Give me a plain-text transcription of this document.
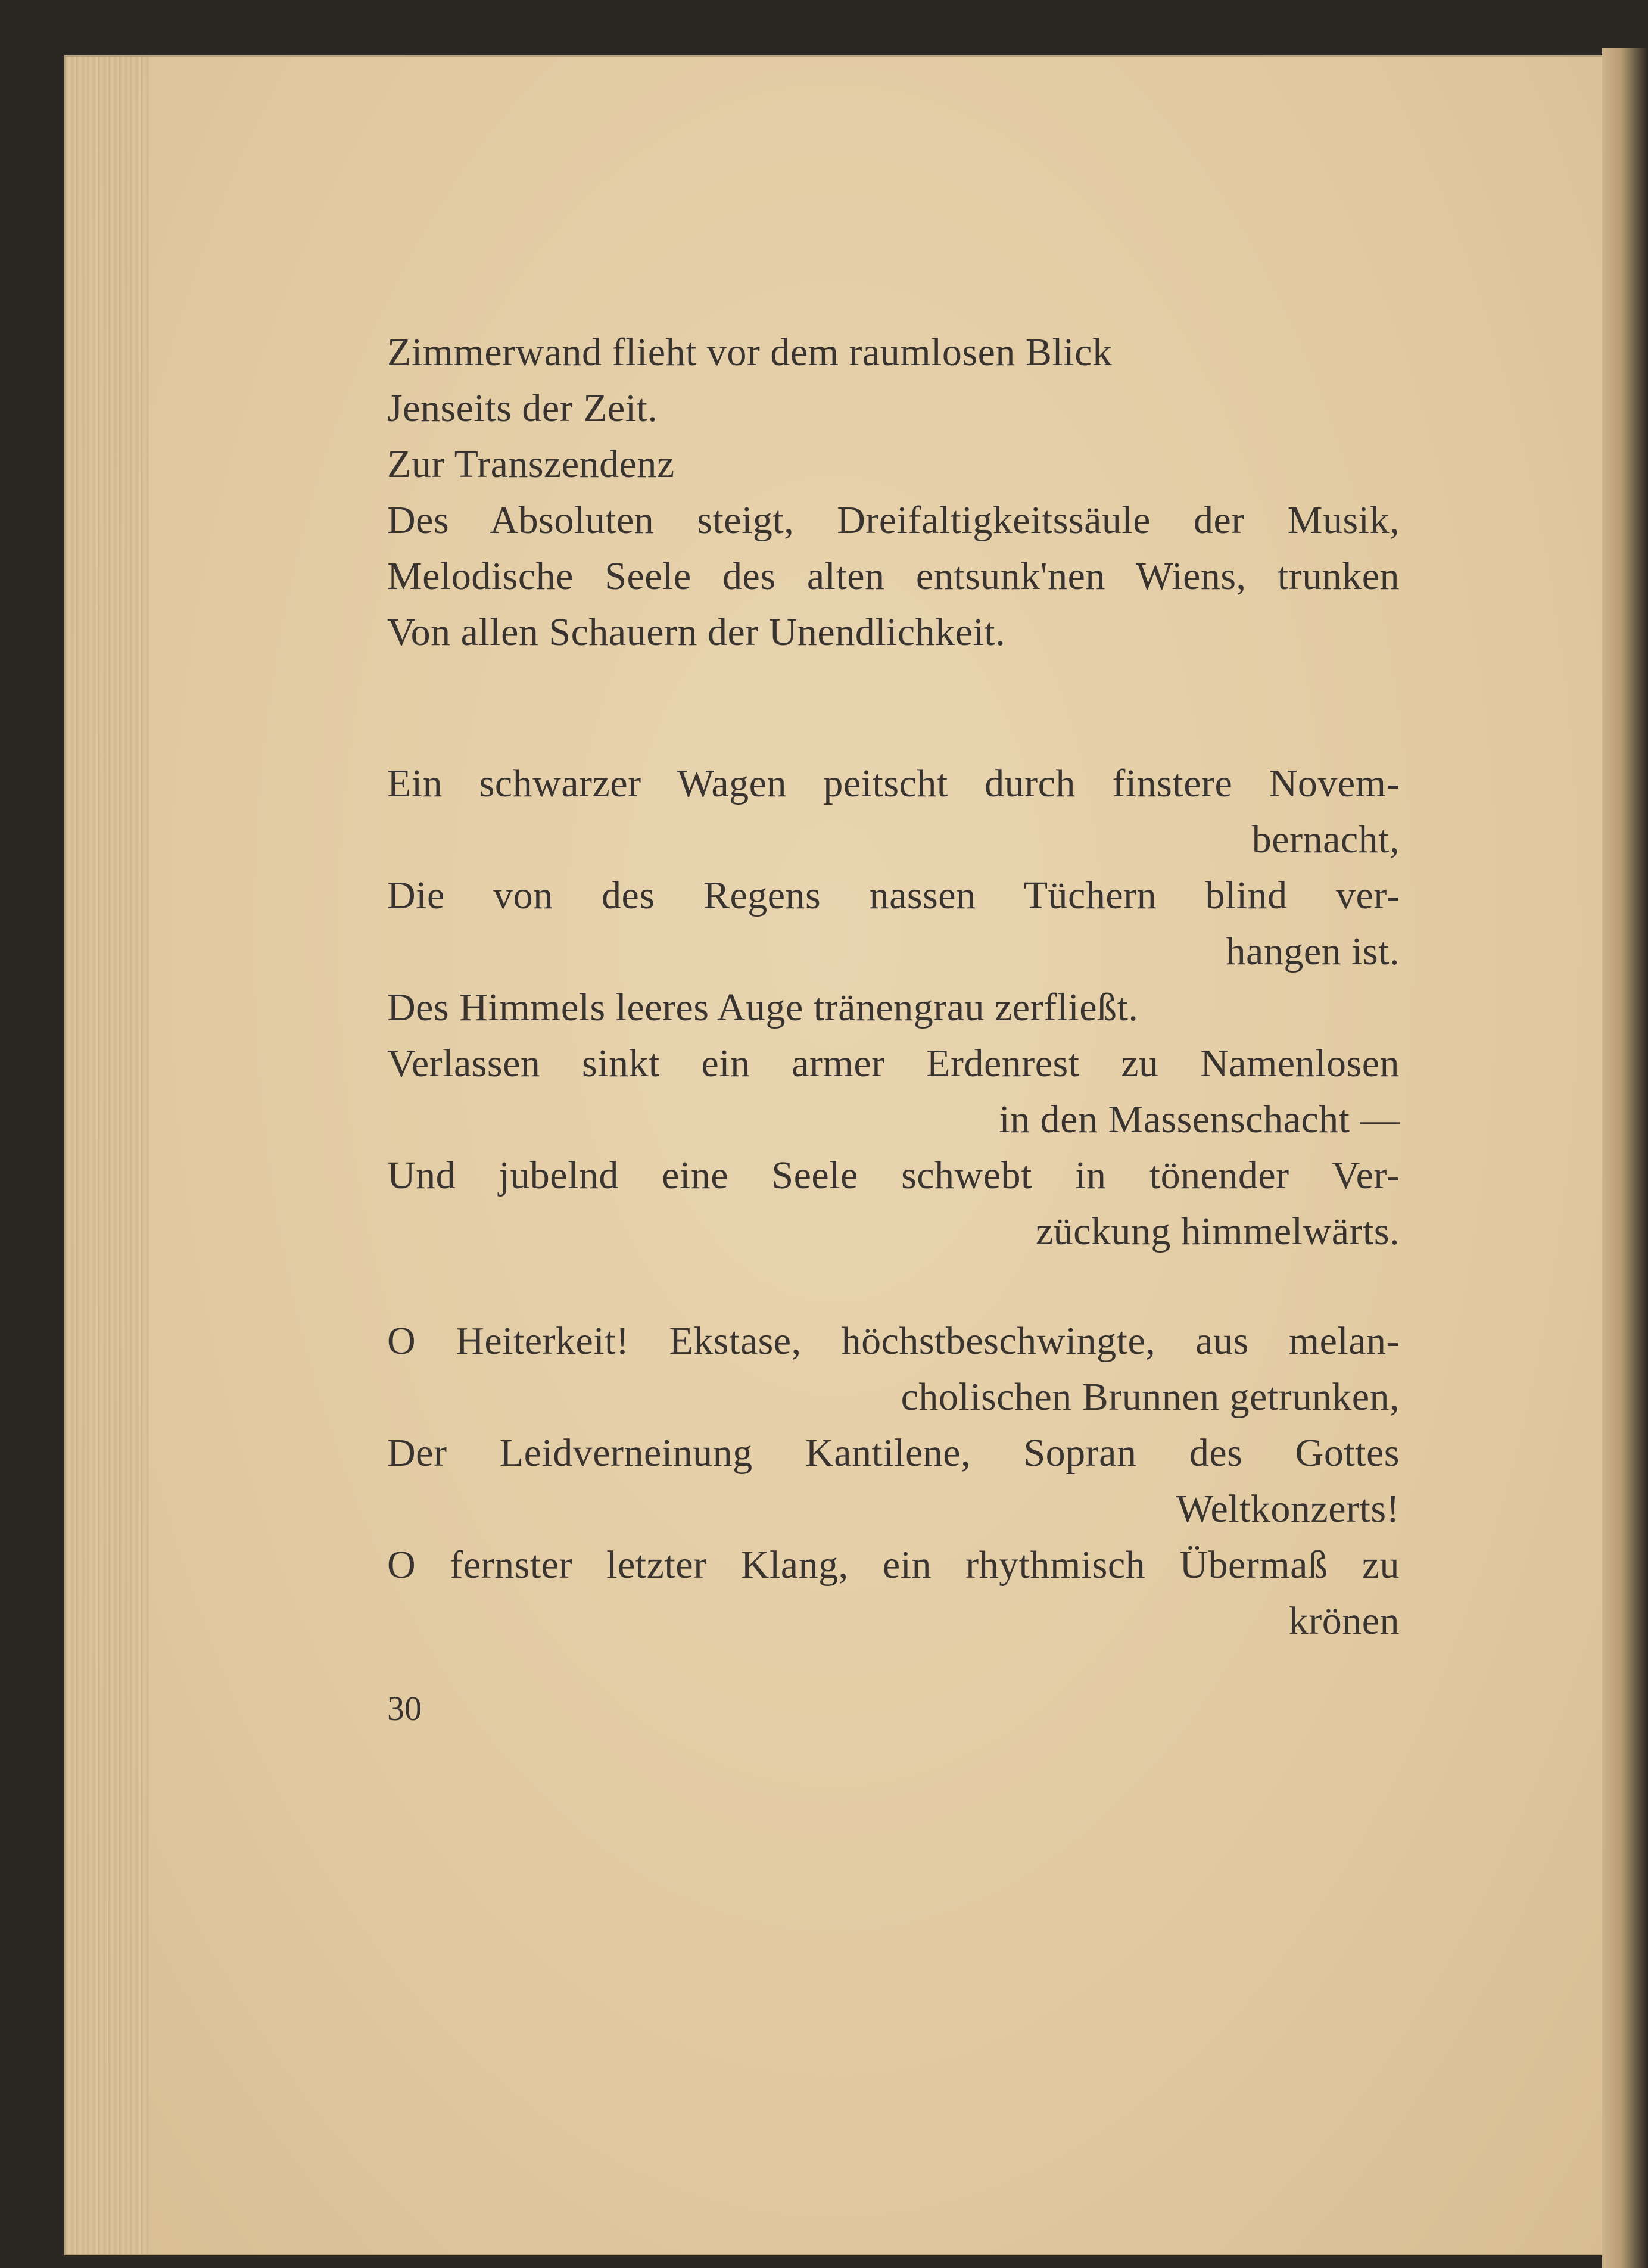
Zimmerwand flieht vor dem raumlosen Blick
Jenseits der Zeit.
Zur Transzendenz
Des Absoluten steigt, Dreifaltigkeitssäule der Musik,
Melodische Seele des alten entsunk'nen Wiens, trunken
Von allen Schauern der Unendlichkeit.
Ein schwarzer Wagen peitscht durch finstere Novem-
bernacht,
Die von des Regens nassen Tüchern blind ver-
hangen ist.
Des Himmels leeres Auge tränengrau zerfließt.
Verlassen sinkt ein armer Erdenrest zu Namenlosen
in den Massenschacht —
Und jubelnd eine Seele schwebt in tönender Ver-
zückung himmelwärts.
O Heiterkeit! Ekstase, höchstbeschwingte, aus melan-
cholischen Brunnen getrunken,
Der Leidverneinung Kantilene, Sopran des Gottes
Weltkonzerts!
O fernster letzter Klang, ein rhythmisch Übermaß zu
krönen
30
